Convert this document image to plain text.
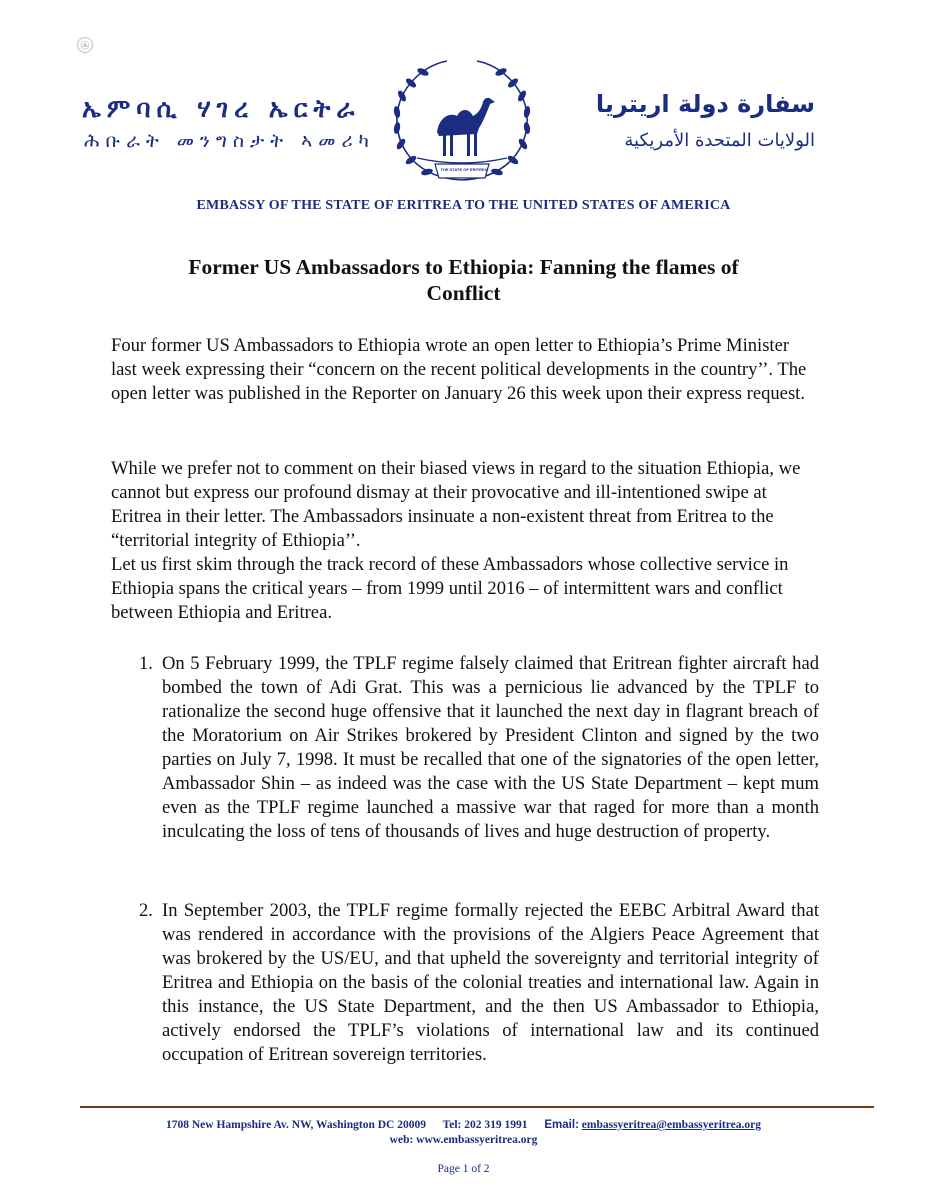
ኤምባሲ ሃገረ ኤርትራ
ሕቡራት መንግስታት ኣመሪካ
THE STATE OF ERITREA
سفارة دولة اريتريا
الولايات المتحدة الأمريكية
EMBASSY OF THE STATE OF ERITREA TO THE UNITED STATES OF AMERICA
Former US Ambassadors to Ethiopia: Fanning the flames of
Conflict

Four former US Ambassadors to Ethiopia wrote an open letter to Ethiopia’s Prime Minister last week expressing their “concern on the recent political developments in the country’’. The open letter was published in the Reporter on January 26 this week upon their express request.

While we prefer not to comment on their biased views in regard to the situation Ethiopia, we cannot but express our profound dismay at their provocative and ill-intentioned swipe at Eritrea in their letter. The Ambassadors insinuate a non-existent threat from Eritrea to the “territorial integrity of Ethiopia’’.
Let us first skim through the track record of these Ambassadors whose collective service in Ethiopia spans the critical years – from 1999 until 2016 – of intermittent wars and conflict between Ethiopia and Eritrea.
1. On 5 February 1999, the TPLF regime falsely claimed that Eritrean fighter aircraft had bombed the town of Adi Grat. This was a pernicious lie advanced by the TPLF to rationalize the second huge offensive that it launched the next day in flagrant breach of the Moratorium on Air Strikes brokered by President Clinton and signed by the two parties on July 7, 1998. It must be recalled that one of the signatories of the open letter, Ambassador Shin – as indeed was the case with the US State Department – kept mum even as the TPLF regime launched a massive war that raged for more than a month inculcating the loss of tens of thousands of lives and huge destruction of property.
2. In September 2003, the TPLF regime formally rejected the EEBC Arbitral Award that was rendered in accordance with the provisions of the Algiers Peace Agreement that was brokered by the US/EU, and that upheld the sovereignty and territorial integrity of Eritrea and Ethiopia on the basis of the colonial treaties and international law. Again in this instance, the US State Department, and the then US Ambassador to Ethiopia, actively endorsed the TPLF’s violations of international law and its continued occupation of Eritrean sovereign territories.
1708 New Hampshire Av. NW, Washington DC 20009 Tel: 202 319 1991 Email: embassyeritrea@embassyeritrea.org
web: www.embassyeritrea.org
Page 1 of 2
